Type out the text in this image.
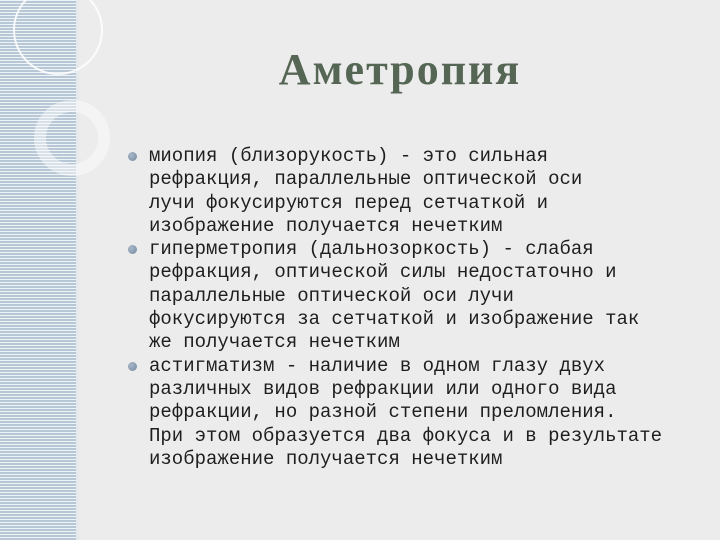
Аметропия
миопия (близорукость) - это сильная
рефракция, параллельные оптической оси
лучи фокусируются перед сетчаткой и
изображение получается нечетким
гиперметропия (дальнозоркость) - слабая
рефракция, оптической силы недостаточно и
параллельные оптической оси лучи
фокусируются за сетчаткой и изображение так
же получается нечетким
астигматизм - наличие в одном глазу двух
различных видов рефракции или одного вида
рефракции, но разной степени преломления.
При этом образуется два фокуса и в результате
изображение получается нечетким
